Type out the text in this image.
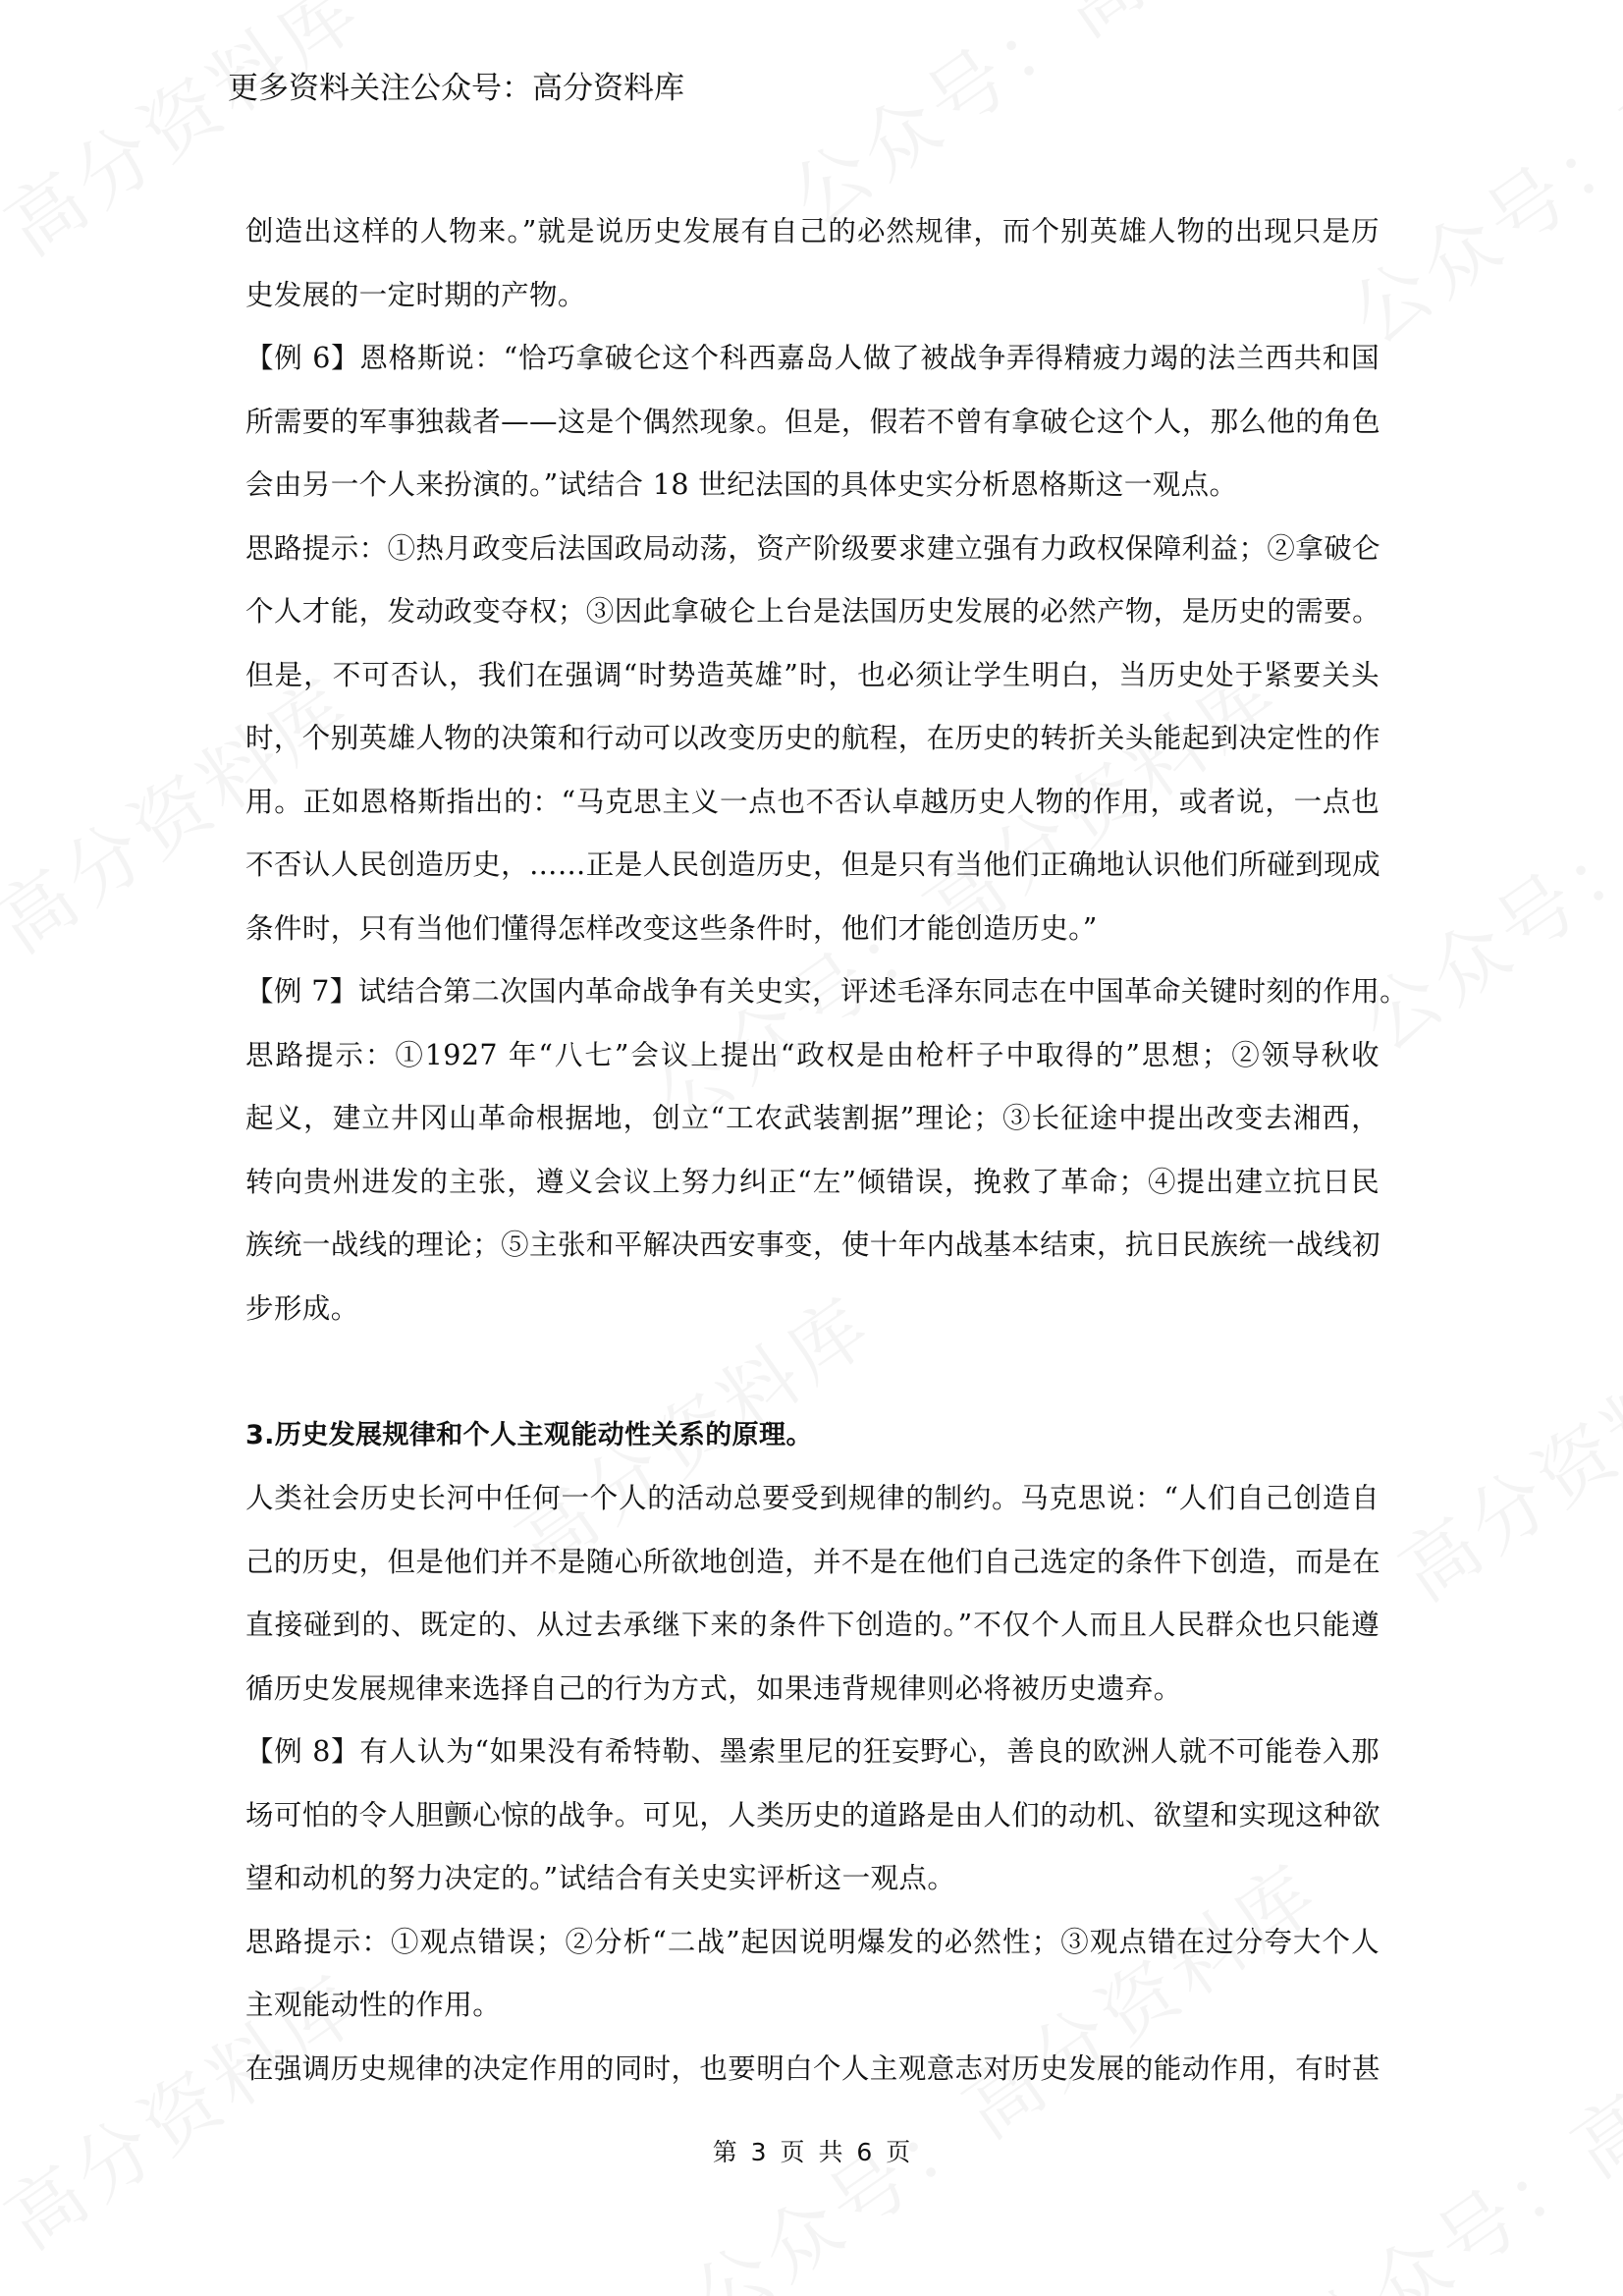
更多资料关注公众号：高分资料库
创造出这样的人物来。”就是说历史发展有自己的必然规律，而个别英雄人物的出现只是历
史发展的一定时期的产物。
【例 6】恩格斯说：“恰巧拿破仑这个科西嘉岛人做了被战争弄得精疲力竭的法兰西共和国
所需要的军事独裁者——这是个偶然现象。但是，假若不曾有拿破仑这个人，那么他的角色
会由另一个人来扮演的。”试结合 18 世纪法国的具体史实分析恩格斯这一观点。
思路提示：①热月政变后法国政局动荡，资产阶级要求建立强有力政权保障利益；②拿破仑
个人才能，发动政变夺权；③因此拿破仑上台是法国历史发展的必然产物，是历史的需要。
但是，不可否认，我们在强调“时势造英雄”时，也必须让学生明白，当历史处于紧要关头
时，个别英雄人物的决策和行动可以改变历史的航程，在历史的转折关头能起到决定性的作
用。正如恩格斯指出的：“马克思主义一点也不否认卓越历史人物的作用，或者说，一点也
不否认人民创造历史，……正是人民创造历史，但是只有当他们正确地认识他们所碰到现成
条件时，只有当他们懂得怎样改变这些条件时，他们才能创造历史。”
【例 7】试结合第二次国内革命战争有关史实，评述毛泽东同志在中国革命关键时刻的作用。
思路提示：①1927 年“八七”会议上提出“政权是由枪杆子中取得的”思想；②领导秋收
起义，建立井冈山革命根据地，创立“工农武装割据”理论；③长征途中提出改变去湘西，
转向贵州进发的主张，遵义会议上努力纠正“左”倾错误，挽救了革命；④提出建立抗日民
族统一战线的理论；⑤主张和平解决西安事变，使十年内战基本结束，抗日民族统一战线初
步形成。
3.历史发展规律和个人主观能动性关系的原理。
人类社会历史长河中任何一个人的活动总要受到规律的制约。马克思说：“人们自己创造自
己的历史，但是他们并不是随心所欲地创造，并不是在他们自己选定的条件下创造，而是在
直接碰到的、既定的、从过去承继下来的条件下创造的。”不仅个人而且人民群众也只能遵
循历史发展规律来选择自己的行为方式，如果违背规律则必将被历史遗弃。
【例 8】有人认为“如果没有希特勒、墨索里尼的狂妄野心，善良的欧洲人就不可能卷入那
场可怕的令人胆颤心惊的战争。可见，人类历史的道路是由人们的动机、欲望和实现这种欲
望和动机的努力决定的。”试结合有关史实评析这一观点。
思路提示：①观点错误；②分析“二战”起因说明爆发的必然性；③观点错在过分夸大个人
主观能动性的作用。
在强调历史规律的决定作用的同时，也要明白个人主观意志对历史发展的能动作用，有时甚
第 3 页 共 6 页
